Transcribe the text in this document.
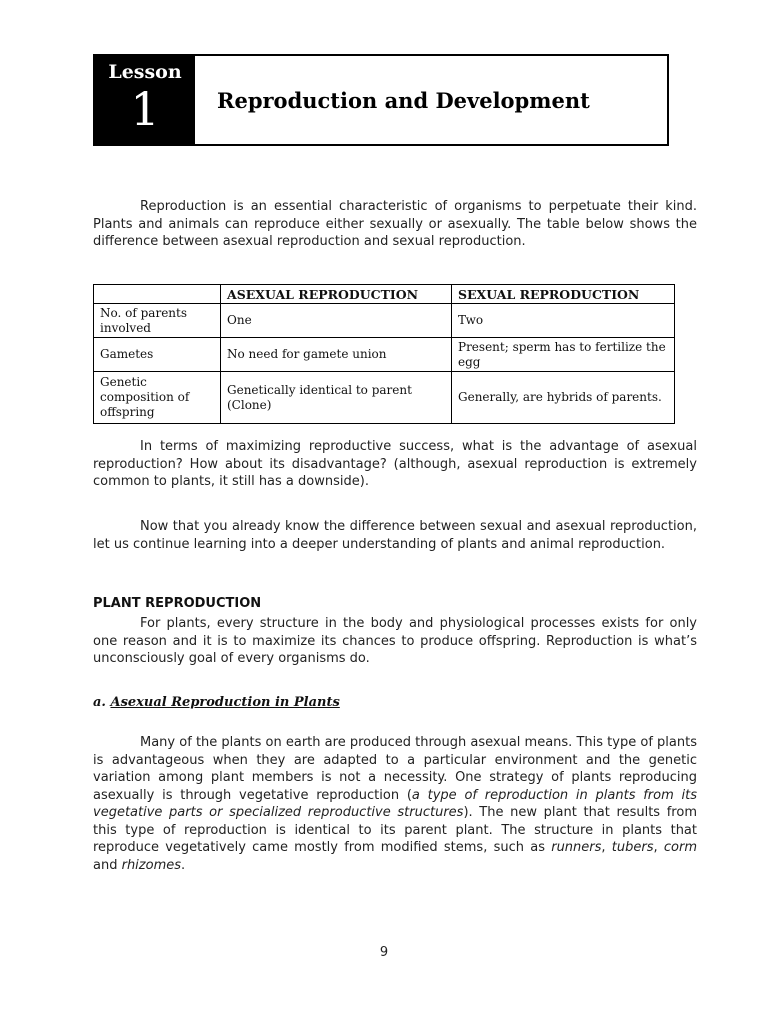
Lesson
1	Reproduction and Development

Reproduction is an essential characteristic of organisms to perpetuate their kind. Plants and animals can reproduce either sexually or asexually. The table below shows the difference between asexual reproduction and sexual reproduction.

	ASEXUAL REPRODUCTION	SEXUAL REPRODUCTION
No. of parents involved	One	Two
Gametes	No need for gamete union	Present; sperm has to fertilize the egg
Genetic composition of offspring	Genetically identical to parent (Clone)	Generally, are hybrids of parents.

In terms of maximizing reproductive success, what is the advantage of asexual reproduction? How about its disadvantage? (although, asexual reproduction is extremely common to plants, it still has a downside).

Now that you already know the difference between sexual and asexual reproduction, let us continue learning into a deeper understanding of plants and animal reproduction.

PLANT REPRODUCTION

For plants, every structure in the body and physiological processes exists for only one reason and it is to maximize its chances to produce offspring. Reproduction is what’s unconsciously goal of every organisms do.

a. Asexual Reproduction in Plants

Many of the plants on earth are produced through asexual means. This type of plants is advantageous when they are adapted to a particular environment and the genetic variation among plant members is not a necessity. One strategy of plants reproducing asexually is through vegetative reproduction (a type of reproduction in plants from its vegetative parts or specialized reproductive structures). The new plant that results from this type of reproduction is identical to its parent plant. The structure in plants that reproduce vegetatively came mostly from modified stems, such as runners, tubers, corm and rhizomes.

9
